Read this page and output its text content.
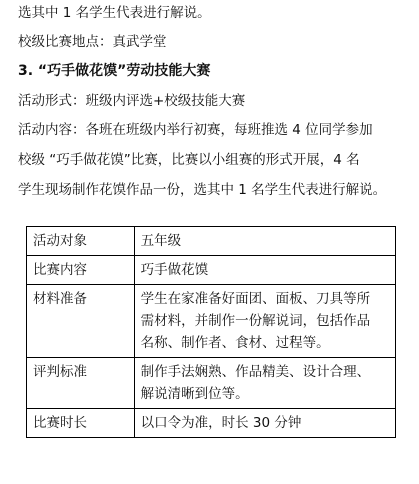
选其中 1 名学生代表进行解说。
校级比赛地点：真武学堂
3. “巧手做花馍”劳动技能大赛
活动形式：班级内评选+校级技能大赛
活动内容：各班在班级内举行初赛，每班推选 4 位同学参加
校级 “巧手做花馍”比赛，比赛以小组赛的形式开展，4 名
学生现场制作花馍作品一份，选其中 1 名学生代表进行解说。
活动对象	五年级

比赛内容	巧手做花馍

材料准备	学生在家准备好面团、面板、刀具等所
需材料，并制作一份解说词，包括作品
名称、制作者、食材、过程等。

评判标准	制作手法娴熟、作品精美、设计合理、
解说清晰到位等。

比赛时长	以口令为准，时长 30 分钟
